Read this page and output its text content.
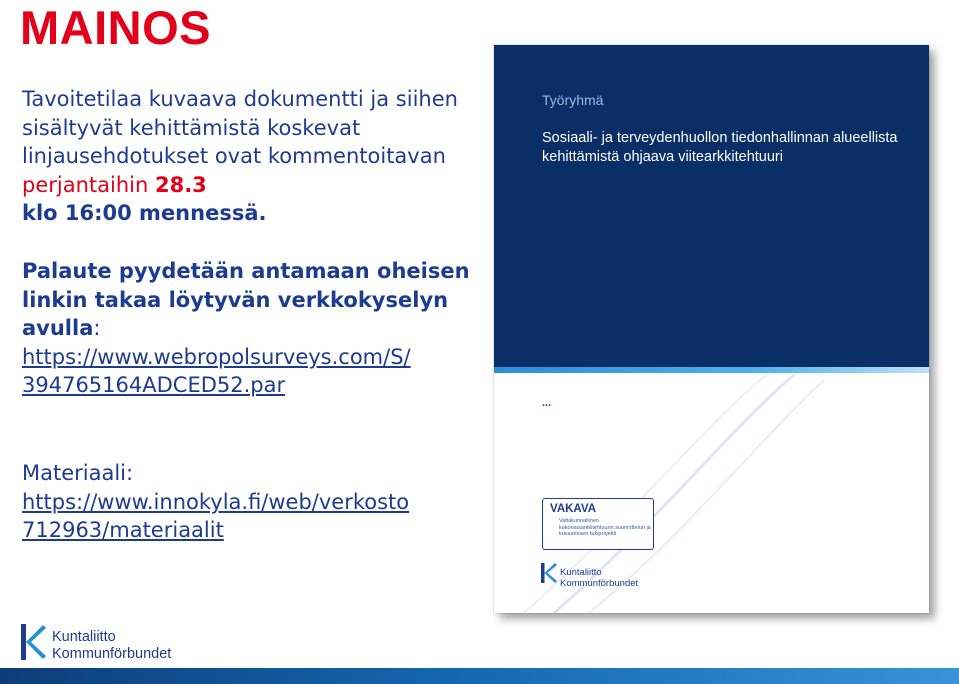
MAINOS
Tavoitetilaa kuvaava dokumentti ja siihen sisältyvät kehittämistä koskevat linjausehdotukset ovat kommentoitavan perjantaihin 28.3
klo 16:00 mennessä.
Palaute pyydetään antamaan oheisen linkin takaa löytyvän verkkokyselyn avulla:
https://www.webropolsurveys.com/S/
394765164ADCED52.par
Materiaali:
https://www.innokyla.fi/web/verkosto
712963/materiaalit
Työryhmä
Sosiaali- ja terveydenhuollon tiedonhallinnan alueellista kehittämistä ohjaava viitearkkitehtuuri
...
VAKAVA
Valtakunnallinen kokonaisarkkitehtuurin suunnittelun ja kuvaamisen tukiprojekti
Kuntaliitto
Kommunförbundet
Kuntaliitto
Kommunförbundet
